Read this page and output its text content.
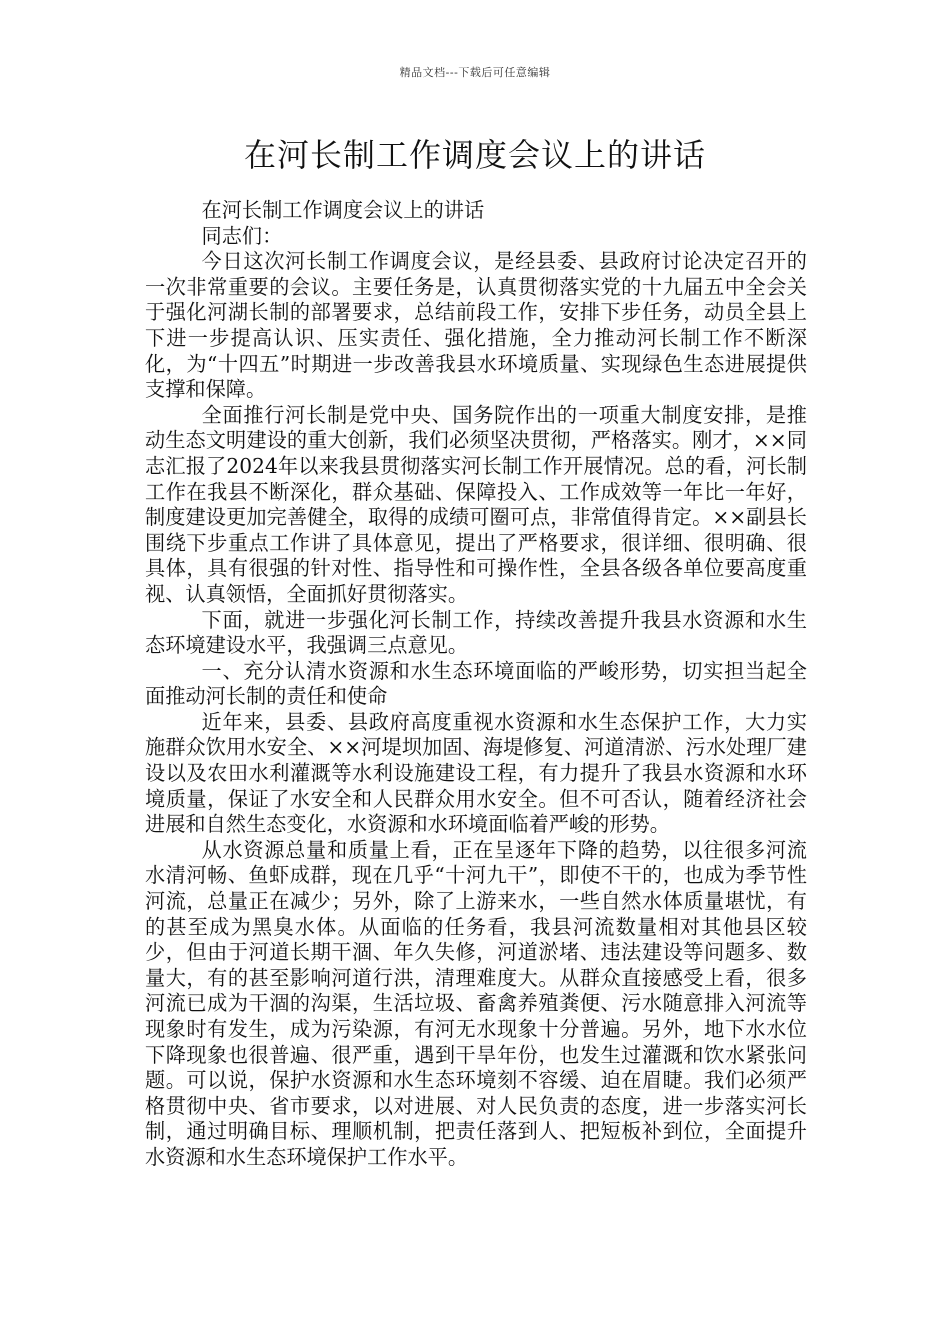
精品文档---下载后可任意编辑
在河长制工作调度会议上的讲话

在河长制工作调度会议上的讲话

同志们：

今日这次河长制工作调度会议，是经县委、县政府讨论决定召开的一次非常重要的会议。主要任务是，认真贯彻落实党的十九届五中全会关于强化河湖长制的部署要求，总结前段工作，安排下步任务，动员全县上下进一步提高认识、压实责任、强化措施，全力推动河长制工作不断深化，为“十四五”时期进一步改善我县水环境质量、实现绿色生态进展提供支撑和保障。

全面推行河长制是党中央、国务院作出的一项重大制度安排，是推动生态文明建设的重大创新，我们必须坚决贯彻，严格落实。刚才，××同志汇报了2024年以来我县贯彻落实河长制工作开展情况。总的看，河长制工作在我县不断深化，群众基础、保障投入、工作成效等一年比一年好，制度建设更加完善健全，取得的成绩可圈可点，非常值得肯定。××副县长围绕下步重点工作讲了具体意见，提出了严格要求，很详细、很明确、很具体，具有很强的针对性、指导性和可操作性，全县各级各单位要高度重视、认真领悟，全面抓好贯彻落实。

下面，就进一步强化河长制工作，持续改善提升我县水资源和水生态环境建设水平，我强调三点意见。

一、充分认清水资源和水生态环境面临的严峻形势，切实担当起全面推动河长制的责任和使命

近年来，县委、县政府高度重视水资源和水生态保护工作，大力实施群众饮用水安全、××河堤坝加固、海堤修复、河道清淤、污水处理厂建设以及农田水利灌溉等水利设施建设工程，有力提升了我县水资源和水环境质量，保证了水安全和人民群众用水安全。但不可否认，随着经济社会进展和自然生态变化，水资源和水环境面临着严峻的形势。

从水资源总量和质量上看，正在呈逐年下降的趋势，以往很多河流水清河畅、鱼虾成群，现在几乎“十河九干”，即使不干的，也成为季节性河流，总量正在减少；另外，除了上游来水，一些自然水体质量堪忧，有的甚至成为黑臭水体。从面临的任务看，我县河流数量相对其他县区较少，但由于河道长期干涸、年久失修，河道淤堵、违法建设等问题多、数量大，有的甚至影响河道行洪，清理难度大。从群众直接感受上看，很多河流已成为干涸的沟渠，生活垃圾、畜禽养殖粪便、污水随意排入河流等现象时有发生，成为污染源，有河无水现象十分普遍。另外，地下水水位下降现象也很普遍、很严重，遇到干旱年份，也发生过灌溉和饮水紧张问题。可以说，保护水资源和水生态环境刻不容缓、迫在眉睫。我们必须严格贯彻中央、省市要求，以对进展、对人民负责的态度，进一步落实河长制，通过明确目标、理顺机制，把责任落到人、把短板补到位，全面提升水资源和水生态环境保护工作水平。
